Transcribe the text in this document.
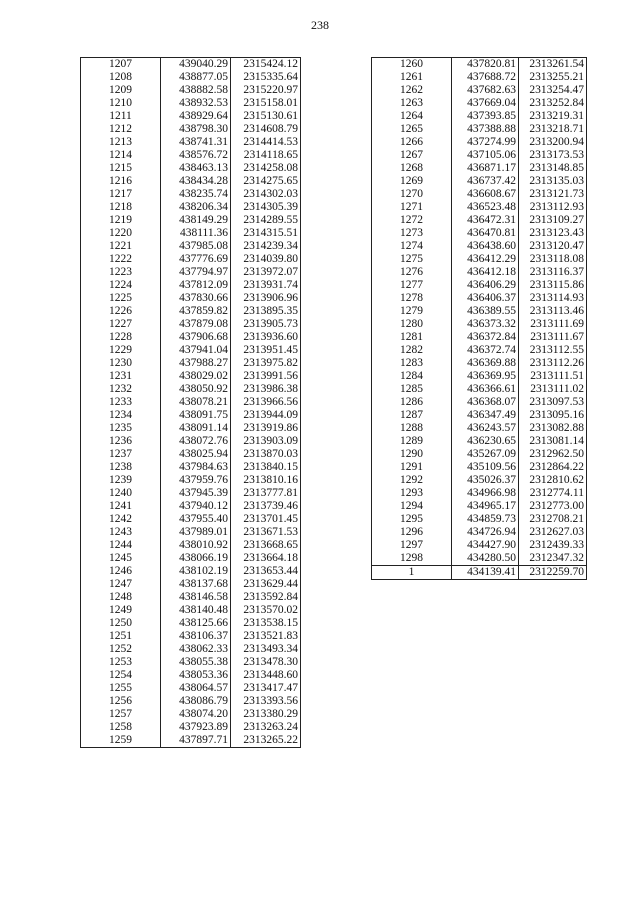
238
1207	439040.29	2315424.12
1208	438877.05	2315335.64
1209	438882.58	2315220.97
1210	438932.53	2315158.01
1211	438929.64	2315130.61
1212	438798.30	2314608.79
1213	438741.31	2314414.53
1214	438576.72	2314118.65
1215	438463.13	2314258.08
1216	438434.28	2314275.65
1217	438235.74	2314302.03
1218	438206.34	2314305.39
1219	438149.29	2314289.55
1220	438111.36	2314315.51
1221	437985.08	2314239.34
1222	437776.69	2314039.80
1223	437794.97	2313972.07
1224	437812.09	2313931.74
1225	437830.66	2313906.96
1226	437859.82	2313895.35
1227	437879.08	2313905.73
1228	437906.68	2313936.60
1229	437941.04	2313951.45
1230	437988.27	2313975.82
1231	438029.02	2313991.56
1232	438050.92	2313986.38
1233	438078.21	2313966.56
1234	438091.75	2313944.09
1235	438091.14	2313919.86
1236	438072.76	2313903.09
1237	438025.94	2313870.03
1238	437984.63	2313840.15
1239	437959.76	2313810.16
1240	437945.39	2313777.81
1241	437940.12	2313739.46
1242	437955.40	2313701.45
1243	437989.01	2313671.53
1244	438010.92	2313668.65
1245	438066.19	2313664.18
1246	438102.19	2313653.44
1247	438137.68	2313629.44
1248	438146.58	2313592.84
1249	438140.48	2313570.02
1250	438125.66	2313538.15
1251	438106.37	2313521.83
1252	438062.33	2313493.34
1253	438055.38	2313478.30
1254	438053.36	2313448.60
1255	438064.57	2313417.47
1256	438086.79	2313393.56
1257	438074.20	2313380.29
1258	437923.89	2313263.24
1259	437897.71	2313265.22
1260	437820.81	2313261.54
1261	437688.72	2313255.21
1262	437682.63	2313254.47
1263	437669.04	2313252.84
1264	437393.85	2313219.31
1265	437388.88	2313218.71
1266	437274.99	2313200.94
1267	437105.06	2313173.53
1268	436871.17	2313148.85
1269	436737.42	2313135.03
1270	436608.67	2313121.73
1271	436523.48	2313112.93
1272	436472.31	2313109.27
1273	436470.81	2313123.43
1274	436438.60	2313120.47
1275	436412.29	2313118.08
1276	436412.18	2313116.37
1277	436406.29	2313115.86
1278	436406.37	2313114.93
1279	436389.55	2313113.46
1280	436373.32	2313111.69
1281	436372.84	2313111.67
1282	436372.74	2313112.55
1283	436369.88	2313112.26
1284	436369.95	2313111.51
1285	436366.61	2313111.02
1286	436368.07	2313097.53
1287	436347.49	2313095.16
1288	436243.57	2313082.88
1289	436230.65	2313081.14
1290	435267.09	2312962.50
1291	435109.56	2312864.22
1292	435026.37	2312810.62
1293	434966.98	2312774.11
1294	434965.17	2312773.00
1295	434859.73	2312708.21
1296	434726.94	2312627.03
1297	434427.90	2312439.33
1298	434280.50	2312347.32
1	434139.41	2312259.70
